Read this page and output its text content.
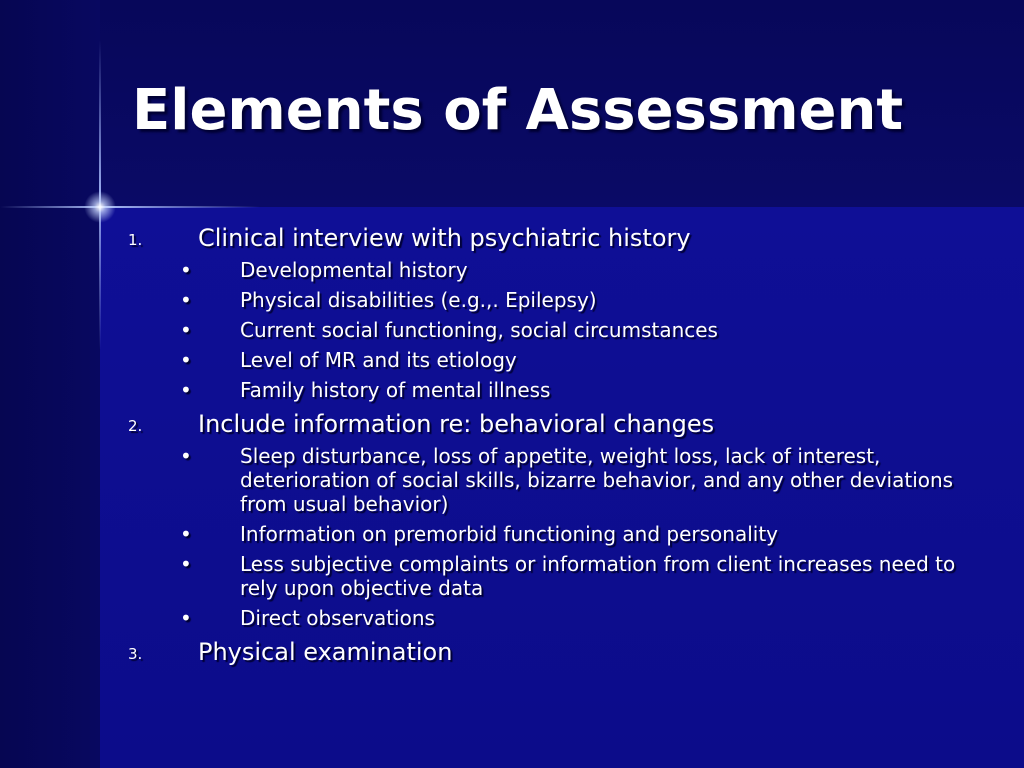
Elements of Assessment
1. Clinical interview with psychiatric history
• Developmental history
• Physical disabilities (e.g.,. Epilepsy)
• Current social functioning, social circumstances
• Level of MR and its etiology
• Family history of mental illness
2. Include information re: behavioral changes
• Sleep disturbance, loss of appetite, weight loss, lack of interest, deterioration of social skills, bizarre behavior, and any other deviations from usual behavior)
• Information on premorbid functioning and personality
• Less subjective complaints or information from client increases need to rely upon objective data
• Direct observations
3. Physical examination
